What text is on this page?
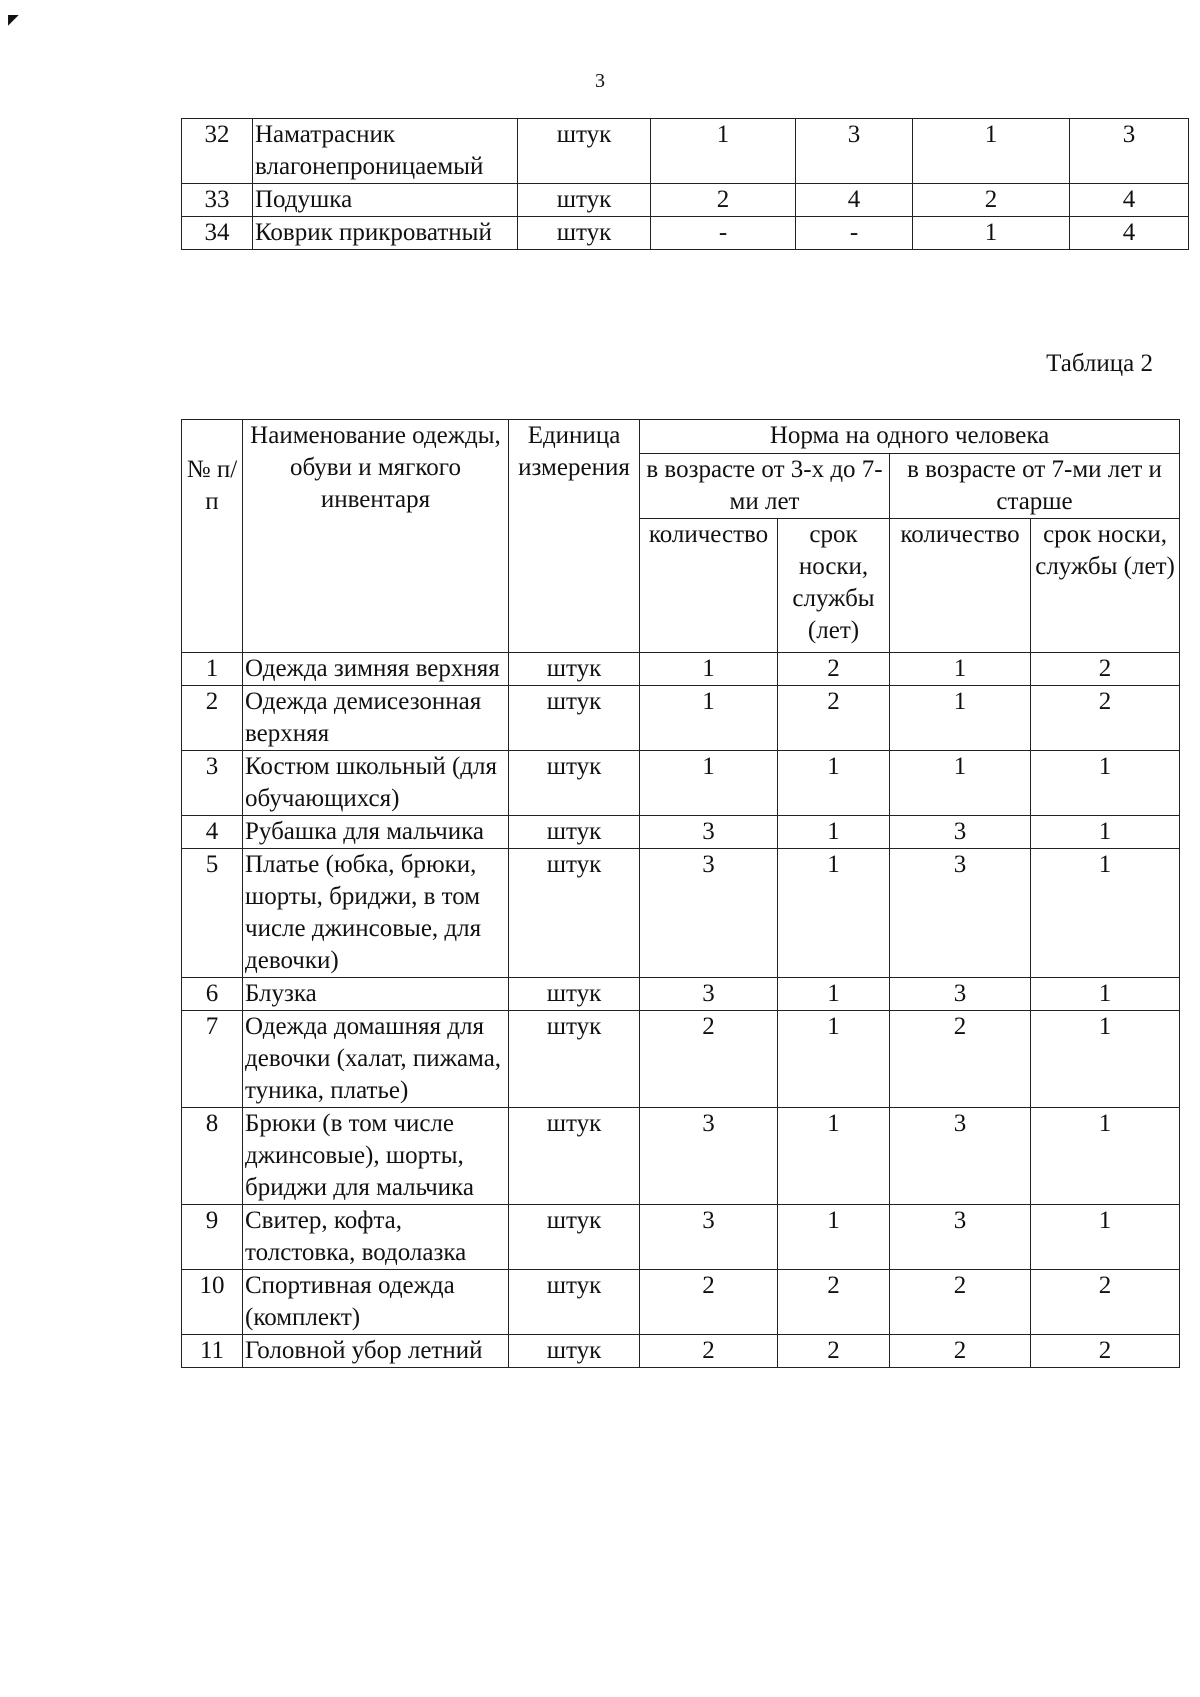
◤
3
32	Наматрасник влагонепроницаемый	штук	1	3	1	3
33	Подушка	штук	2	4	2	4
34	Коврик прикроватный	штук	-	-	1	4
Таблица 2
№ п/п	Наименование одежды, обуви и мягкого инвентаря	Единица измерения	Норма на одного человека			
			в возрасте от 3-х до 7-ми лет		в возрасте от 7-ми лет и старше	
			количество	срок носки, службы (лет)	количество	срок носки, службы (лет)
1	Одежда зимняя верхняя	штук	1	2	1	2
2	Одежда демисезонная верхняя	штук	1	2	1	2
3	Костюм школьный (для обучающихся)	штук	1	1	1	1
4	Рубашка для мальчика	штук	3	1	3	1
5	Платье (юбка, брюки, шорты, бриджи, в том числе джинсовые, для девочки)	штук	3	1	3	1
6	Блузка	штук	3	1	3	1
7	Одежда домашняя для девочки (халат, пижама, туника, платье)	штук	2	1	2	1
8	Брюки (в том числе джинсовые), шорты, бриджи для мальчика	штук	3	1	3	1
9	Свитер, кофта, толстовка, водолазка	штук	3	1	3	1
10	Спортивная одежда (комплект)	штук	2	2	2	2
11	Головной убор летний	штук	2	2	2	2
